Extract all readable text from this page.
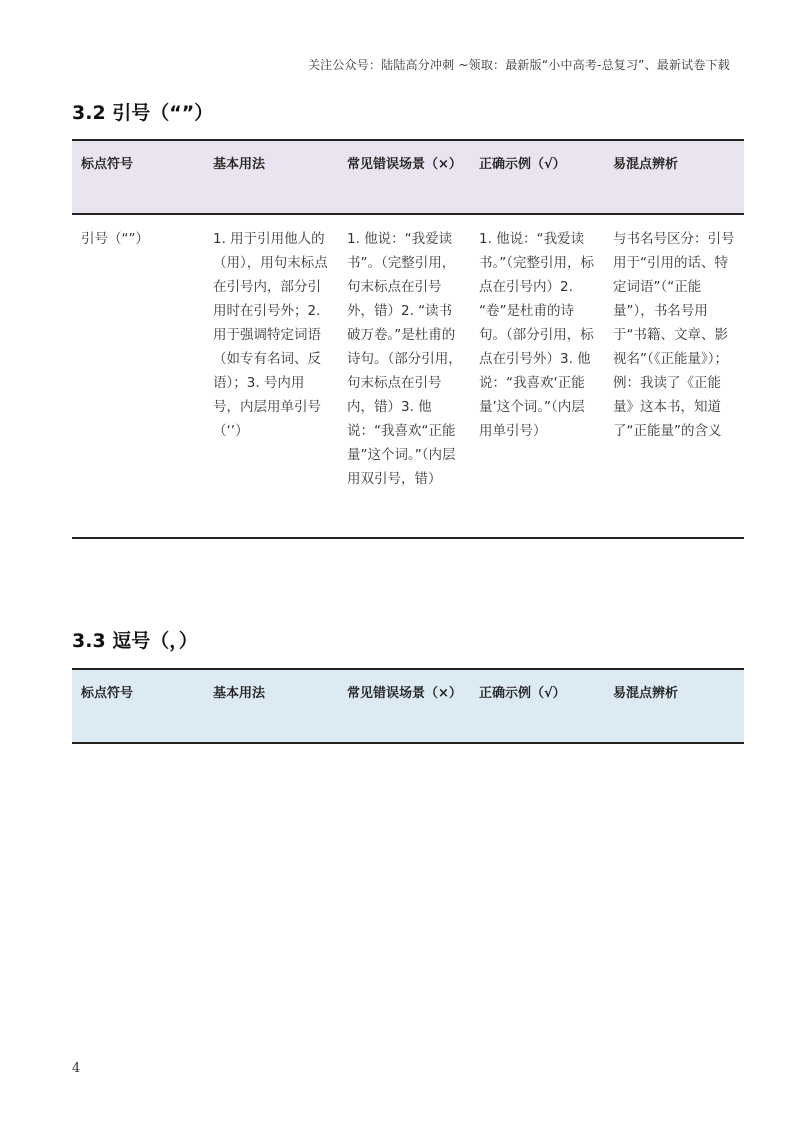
关注公众号：陆陆高分冲刺 ~领取：最新版“小中高考-总复习”、最新试卷下载
3.2 引号（“”）
标点符号	基本用法	常见错误场景（×）	正确示例（√）	易混点辨析
引号（“”）	1. 用于引用他人的（用），用句末标点在引号内，部分引用时在引号外；2. 用于强调特定词语（如专有名词、反语）；3. 号内用号，内层用单引号（‘’）	1. 他说：“我爱读书”。（完整引用，句末标点在引号外，错）2. “读书破万卷。”是杜甫的诗句。（部分引用，句末标点在引号内，错）3. 他说：“我喜欢“正能量”这个词。”（内层用双引号，错）	1. 他说：“我爱读书。”（完整引用，标点在引号内）2. “卷”是杜甫的诗句。（部分引用，标点在引号外）3. 他说：“我喜欢‘正能量’这个词。”（内层用单引号）	与书名号区分：引号用于“引用的话、特定词语”（“正能量”），书名号用于“书籍、文章、影视名”（《正能量》）；例：我读了《正能量》这本书，知道了“正能量”的含义
3.3 逗号（，）
标点符号	基本用法	常见错误场景（×）	正确示例（√）	易混点辨析
4
